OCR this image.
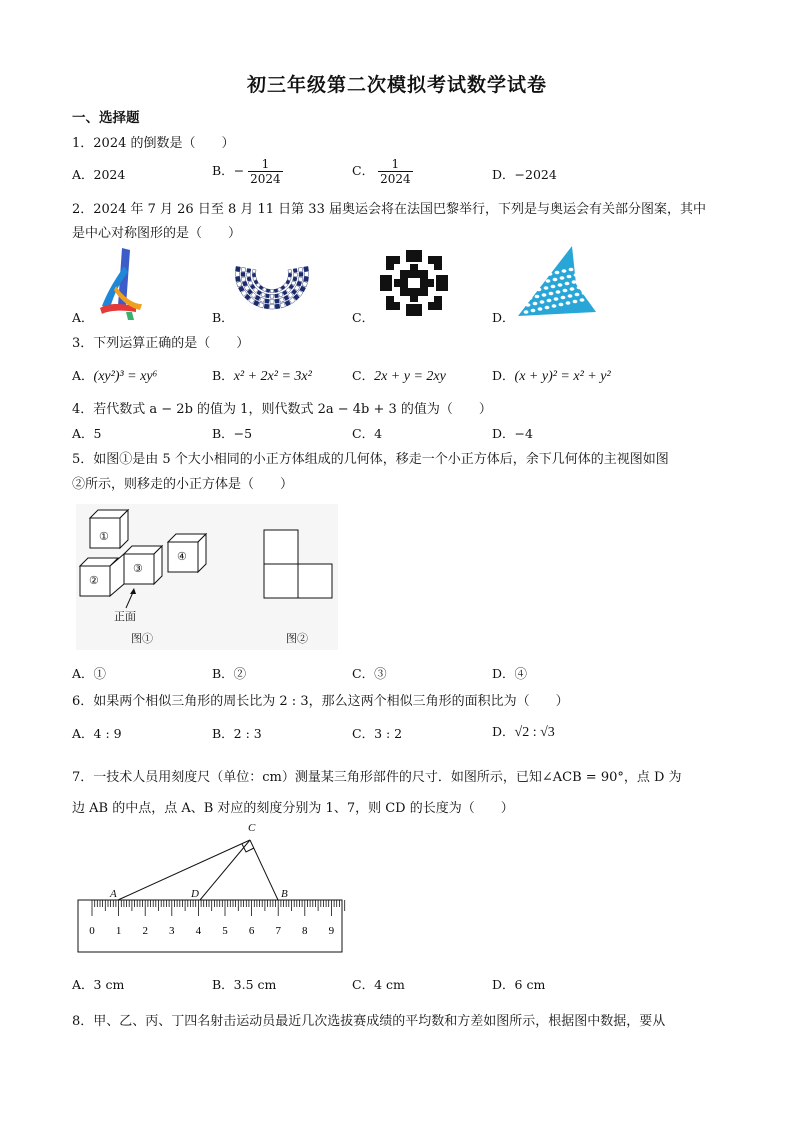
初三年级第二次模拟考试数学试卷
一、选择题
1．2024 的倒数是（　　）
A．2024	B．− $\frac{1}{2024}$	C． $\frac{1}{2024}$	D．−2024
2．2024 年 7 月 26 日至 8 月 11 日第 33 届奥运会将在法国巴黎举行，下列是与奥运会有关部分图案，其中
是中心对称图形的是（　　）
A．	B．	C．	D．
3．下列运算正确的是（　　）
A．(xy²)³ = xy⁶	B．x² + 2x² = 3x²	C．2x + y = 2xy	D．(x + y)² = x² + y²
4．若代数式 a − 2b 的值为 1，则代数式 2a − 4b + 3 的值为（　　）
A．5	B．−5	C．4	D．−4
5．如图①是由 5 个大小相同的小正方体组成的几何体，移走一个小正方体后，余下几何体的主视图如图
②所示，则移走的小正方体是（　　）
①
②
③
④
正面
图①	图②
A．①	B．②	C．③	D．④
6．如果两个相似三角形的周长比为 2 : 3，那么这两个相似三角形的面积比为（　　）
A．4 : 9	B．2 : 3	C．3 : 2	D．√2 : √3
7．一技术人员用刻度尺（单位：cm）测量某三角形部件的尺寸．如图所示，已知∠ACB = 90°，点 D 为
边 AB 的中点，点 A、B 对应的刻度分别为 1、7，则 CD 的长度为（　　）
0 1 2 3 4 5 6 7 8 9
A	B
C
D
A．3 cm	B．3.5 cm	C．4 cm	D．6 cm
8．甲、乙、丙、丁四名射击运动员最近几次选拔赛成绩的平均数和方差如图所示，根据图中数据，要从
